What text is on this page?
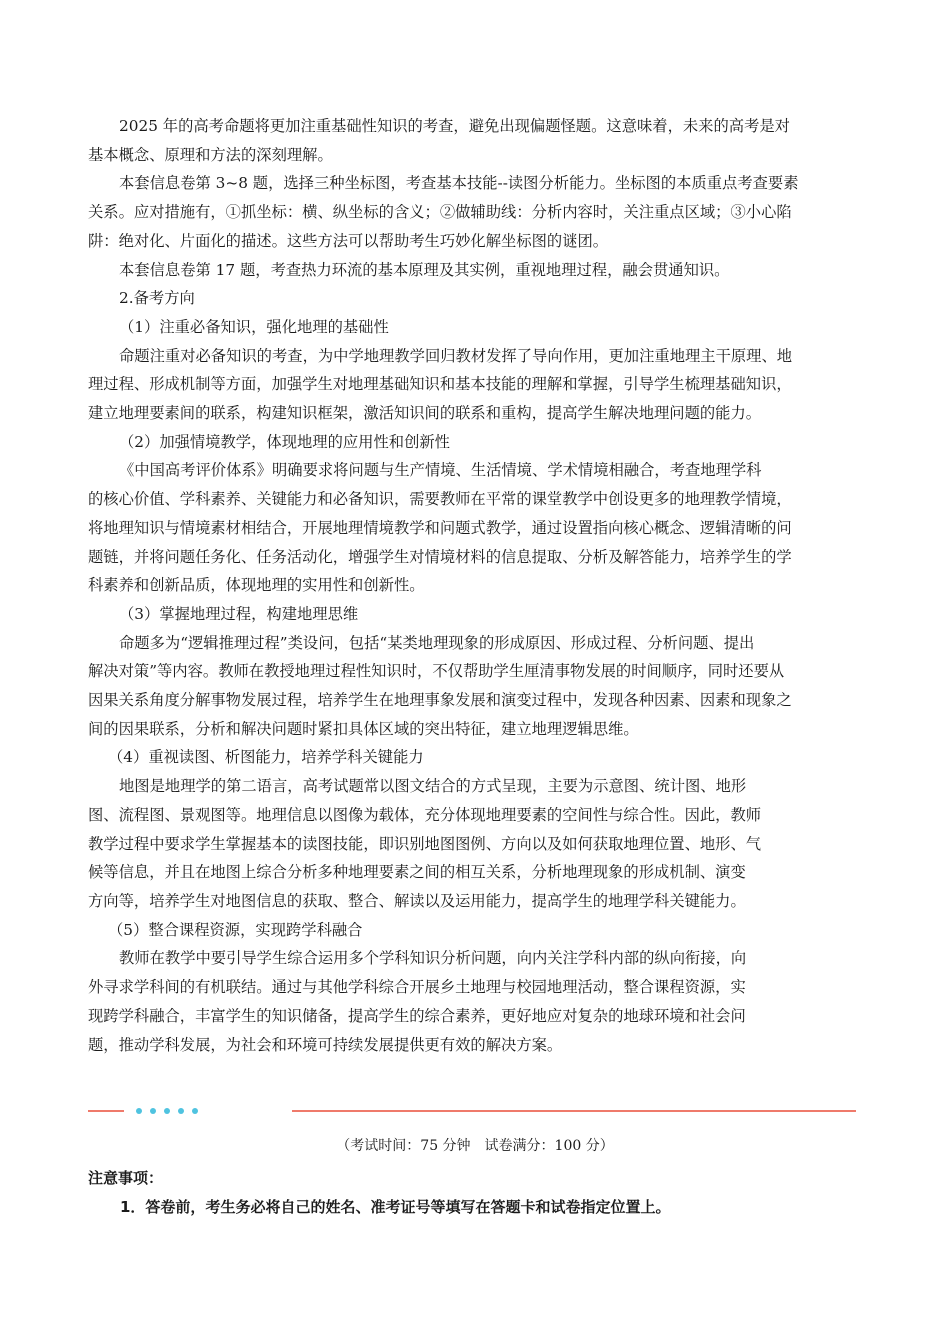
2025 年的高考命题将更加注重基础性知识的考查，避免出现偏题怪题。这意味着，未来的高考是对
基本概念、原理和方法的深刻理解。
本套信息卷第 3~8 题，选择三种坐标图，考查基本技能--读图分析能力。坐标图的本质重点考查要素
关系。应对措施有，①抓坐标：横、纵坐标的含义；②做辅助线：分析内容时，关注重点区域；③小心陷
阱：绝对化、片面化的描述。这些方法可以帮助考生巧妙化解坐标图的谜团。
本套信息卷第 17 题，考查热力环流的基本原理及其实例，重视地理过程，融会贯通知识。
2.备考方向
（1）注重必备知识，强化地理的基础性
命题注重对必备知识的考查，为中学地理教学回归教材发挥了导向作用，更加注重地理主干原理、地
理过程、形成机制等方面，加强学生对地理基础知识和基本技能的理解和掌握，引导学生梳理基础知识，
建立地理要素间的联系，构建知识框架，激活知识间的联系和重构，提高学生解决地理问题的能力。
（2）加强情境教学，体现地理的应用性和创新性
《中国高考评价体系》明确要求将问题与生产情境、生活情境、学术情境相融合，考查地理学科
的核心价值、学科素养、关键能力和必备知识，需要教师在平常的课堂教学中创设更多的地理教学情境，
将地理知识与情境素材相结合，开展地理情境教学和问题式教学，通过设置指向核心概念、逻辑清晰的问
题链，并将问题任务化、任务活动化，增强学生对情境材料的信息提取、分析及解答能力，培养学生的学
科素养和创新品质，体现地理的实用性和创新性。
（3）掌握地理过程，构建地理思维
命题多为“逻辑推理过程”类设问，包括“某类地理现象的形成原因、形成过程、分析问题、提出
解决对策”等内容。教师在教授地理过程性知识时，不仅帮助学生厘清事物发展的时间顺序，同时还要从
因果关系角度分解事物发展过程，培养学生在地理事象发展和演变过程中，发现各种因素、因素和现象之
间的因果联系，分析和解决问题时紧扣具体区域的突出特征，建立地理逻辑思维。
（4）重视读图、析图能力，培养学科关键能力
地图是地理学的第二语言，高考试题常以图文结合的方式呈现，主要为示意图、统计图、地形
图、流程图、景观图等。地理信息以图像为载体，充分体现地理要素的空间性与综合性。因此，教师
教学过程中要求学生掌握基本的读图技能，即识别地图图例、方向以及如何获取地理位置、地形、气
候等信息，并且在地图上综合分析多种地理要素之间的相互关系，分析地理现象的形成机制、演变
方向等，培养学生对地图信息的获取、整合、解读以及运用能力，提高学生的地理学科关键能力。
（5）整合课程资源，实现跨学科融合
教师在教学中要引导学生综合运用多个学科知识分析问题，向内关注学科内部的纵向衔接，向
外寻求学科间的有机联结。通过与其他学科综合开展乡土地理与校园地理活动，整合课程资源，实
现跨学科融合，丰富学生的知识储备，提高学生的综合素养，更好地应对复杂的地球环境和社会问
题，推动学科发展，为社会和环境可持续发展提供更有效的解决方案。
（考试时间：75 分钟　试卷满分：100 分）
注意事项：
1．答卷前，考生务必将自己的姓名、准考证号等填写在答题卡和试卷指定位置上。
